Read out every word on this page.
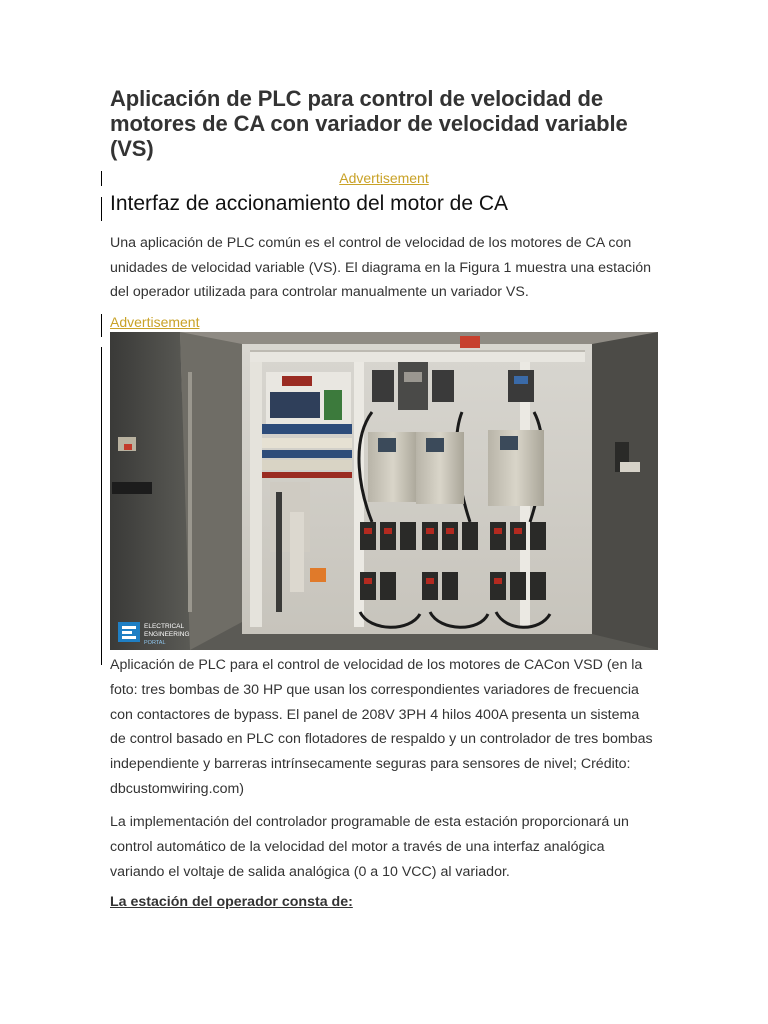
Aplicación de PLC para control de velocidad de motores de CA con variador de velocidad variable (VS)
Advertisement
Interfaz de accionamiento del motor de CA

Una aplicación de PLC común es el control de velocidad de los motores de CA con unidades de velocidad variable (VS). El diagrama en la Figura 1 muestra una estación del operador utilizada para controlar manualmente un variador VS.

Advertisement
ELECTRICAL
ENGINEERING
PORTAL

Aplicación de PLC para el control de velocidad de los motores de CACon VSD (en la foto: tres bombas de 30 HP que usan los correspondientes variadores de frecuencia con contactores de bypass. El panel de 208V 3PH 4 hilos 400A presenta un sistema de control basado en PLC con flotadores de respaldo y un controlador de tres bombas independiente y barreras intrínsecamente seguras para sensores de nivel; Crédito: dbcustomwiring.com)

La implementación del controlador programable de esta estación proporcionará un control automático de la velocidad del motor a través de una interfaz analógica variando el voltaje de salida analógica (0 a 10 VCC) al variador.

La estación del operador consta de:
